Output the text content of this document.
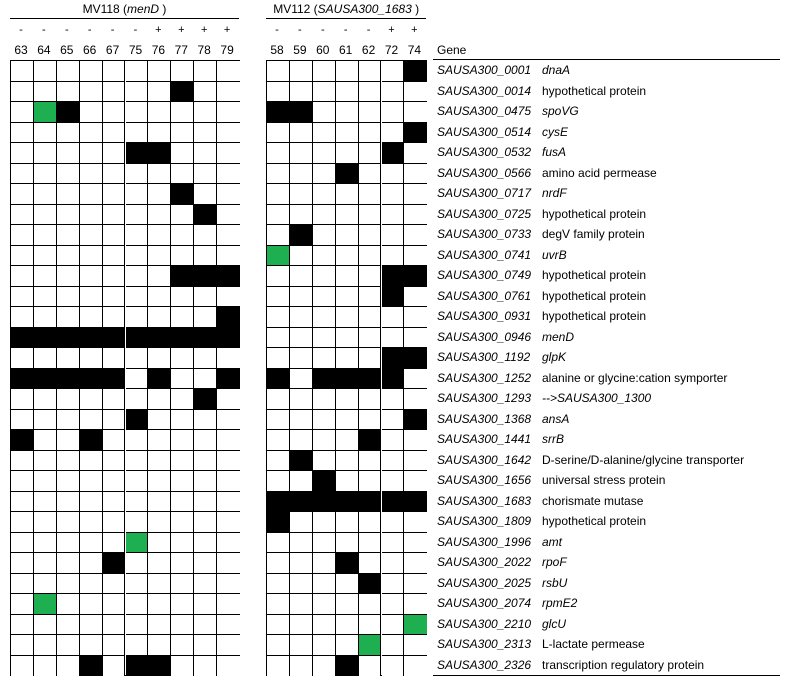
MV118 (menD )
-
63
-
64
-
65
-
66
-
67
-
75
+
76
+
77
+
78
+
79
MV112 (SAUSA300_1683 )
-
58
-
59
-
60
-
61
-
62
+
72
+
74	Gene
SAUSA300_0001 dnaA
SAUSA300_0014 hypothetical protein
SAUSA300_0475 spoVG
SAUSA300_0514 cysE
SAUSA300_0532 fusA
SAUSA300_0566 amino acid permease
SAUSA300_0717 nrdF
SAUSA300_0725 hypothetical protein
SAUSA300_0733 degV family protein
SAUSA300_0741 uvrB
SAUSA300_0749 hypothetical protein
SAUSA300_0761 hypothetical protein
SAUSA300_0931 hypothetical protein
SAUSA300_0946 menD
SAUSA300_1192 glpK
SAUSA300_1252 alanine or glycine:cation symporter
SAUSA300_1293 -->SAUSA300_1300
SAUSA300_1368 ansA
SAUSA300_1441 srrB
SAUSA300_1642 D-serine/D-alanine/glycine transporter
SAUSA300_1656 universal stress protein
SAUSA300_1683 chorismate mutase
SAUSA300_1809 hypothetical protein
SAUSA300_1996 amt
SAUSA300_2022 rpoF
SAUSA300_2025 rsbU
SAUSA300_2074 rpmE2
SAUSA300_2210 glcU
SAUSA300_2313 L-lactate permease
SAUSA300_2326 transcription regulatory protein
